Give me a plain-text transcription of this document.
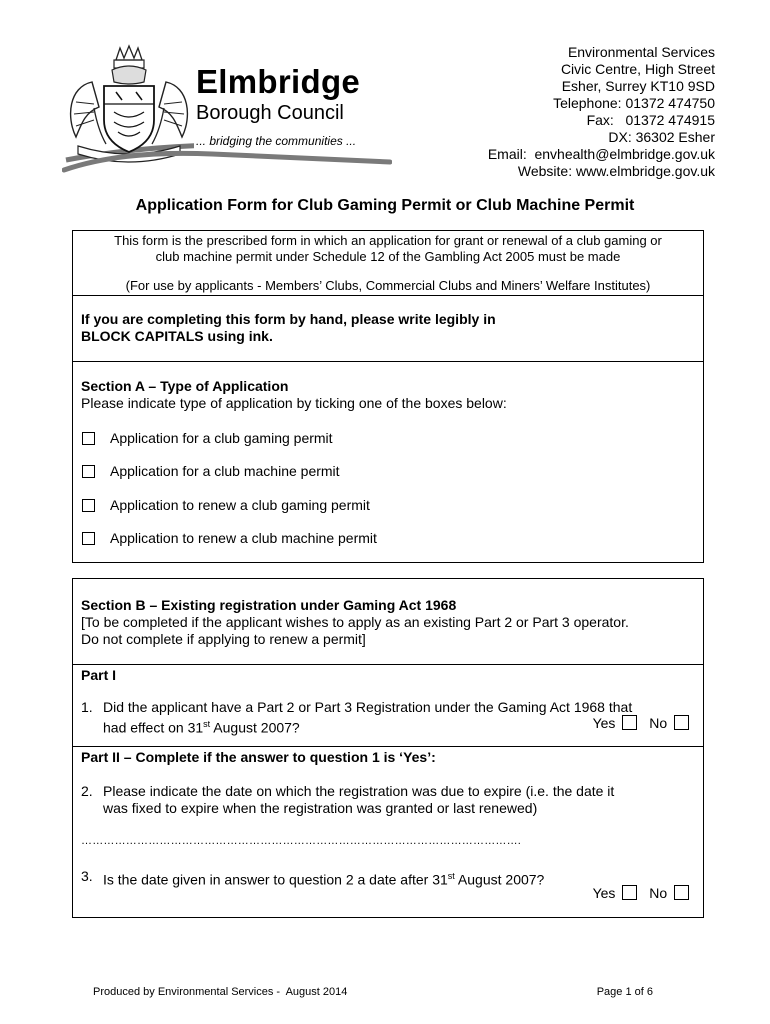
Elmbridge
Borough Council
... bridging the communities ...
Environmental Services
Civic Centre, High Street
Esher, Surrey KT10 9SD
Telephone: 01372 474750
Fax:   01372 474915
DX: 36302 Esher
Email:  envhealth@elmbridge.gov.uk
Website: www.elmbridge.gov.uk
Application Form for Club Gaming Permit or Club Machine Permit
This form is the prescribed form in which an application for grant or renewal of a club gaming or
club machine permit under Schedule 12 of the Gambling Act 2005 must be made
(For use by applicants - Members’ Clubs, Commercial Clubs and Miners’ Welfare Institutes)
If you are completing this form by hand, please write legibly in
BLOCK CAPITALS using ink.
Section A – Type of Application
Please indicate type of application by ticking one of the boxes below:
Application for a club gaming permit
Application for a club machine permit
Application to renew a club gaming permit
Application to renew a club machine permit
Section B – Existing registration under Gaming Act 1968
[To be completed if the applicant wishes to apply as an existing Part 2 or Part 3 operator.
Do not complete if applying to renew a permit]
Part I
1. Did the applicant have a Part 2 or Part 3 Registration under the Gaming Act 1968 that
had effect on 31st August 2007?	Yes No
Part II – Complete if the answer to question 1 is ‘Yes’:
2. Please indicate the date on which the registration was due to expire (i.e. the date it
was fixed to expire when the registration was granted or last renewed)
……………………………………………………………………………………………………….
3. Is the date given in answer to question 2 a date after 31st August 2007?
Yes No
Produced by Environmental Services -  August 2014	Page 1 of 6
